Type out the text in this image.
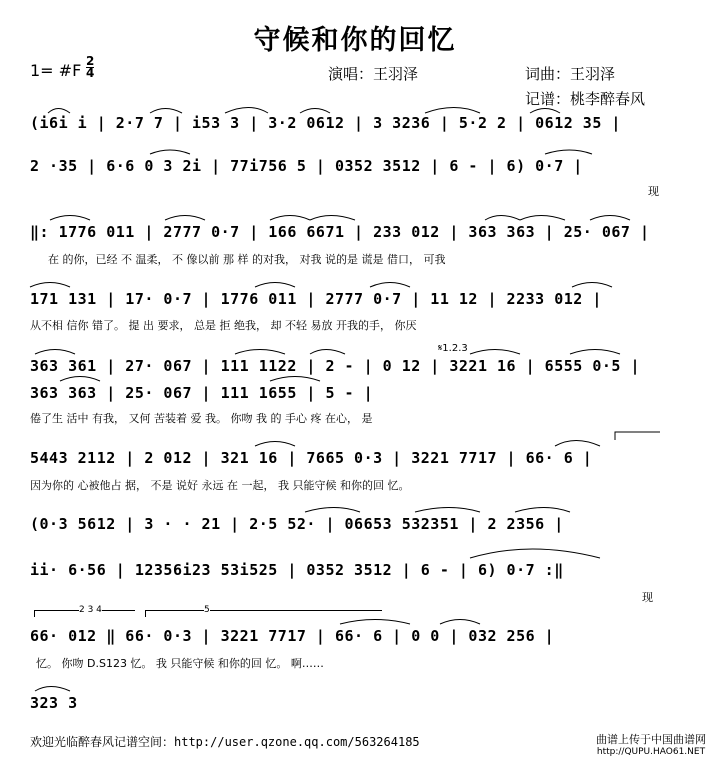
守候和你的回忆
1= #F 2
4	演唱：王羽泽	词曲：王羽泽
记谱：桃李醉春风
(i6i i | 2·7 7 | i53 3 | 3·2 0612 | 3 3236 | 5·2 2 | 0612 35 |
2 ·35 | 6·6 0 3 2i | 77i756 5 | 0352 3512 | 6 - | 6) 0·7 |
现
‖: 1776 011 | 2777 0·7 | 166 6671 | 233 012 | 363 363 | 25· 067 |
在 的你，已经 不 温柔， 不 像以前 那 样 的对我， 对我 说的是 谎是 借口， 可我
171 131 | 17· 0·7 | 1776 011 | 2777 0·7 | 11 12 | 2233 012 |
从不相 信你 错了。 提 出 要求， 总是 拒 绝我， 却 不轻 易放 开我的手， 你厌
𝄋1.2.3
363 361 | 27· 067 | 111 1122 | 2 - | 0 12 | 3221 16 | 6555 0·5 |
363 363 | 25· 067 | 111 1655 | 5 - |
倦了生 活中 有我， 又何 苦装着 爱 我。 你吻 我 的 手心 疼 在心， 是
5443 2112 | 2 012 | 321 16 | 7665 0·3 | 3221 7717 | 66· 6 |
因为你的 心被他占 据， 不是 说好 永远 在 一起， 我 只能守候 和你的回 忆。
(0·3 5612 | 3 · · 21 | 2·5 52· | 06653 532351 | 2 2356 |
ii· 6·56 | 12356i23 53i525 | 0352 3512 | 6 - | 6) 0·7 :‖
现
2 3 4	5
66· 012 ‖ 66· 0·3 | 3221 7717 | 66· 6 | 0 0 | 032 256 |
忆。 你吻 D.S123 忆。 我 只能守候 和你的回 忆。 啊……
323 3
欢迎光临醉春风记谱空间：http://user.qzone.qq.com/563264185	曲谱上传于中国曲谱网
http://QUPU.HAO61.NET
